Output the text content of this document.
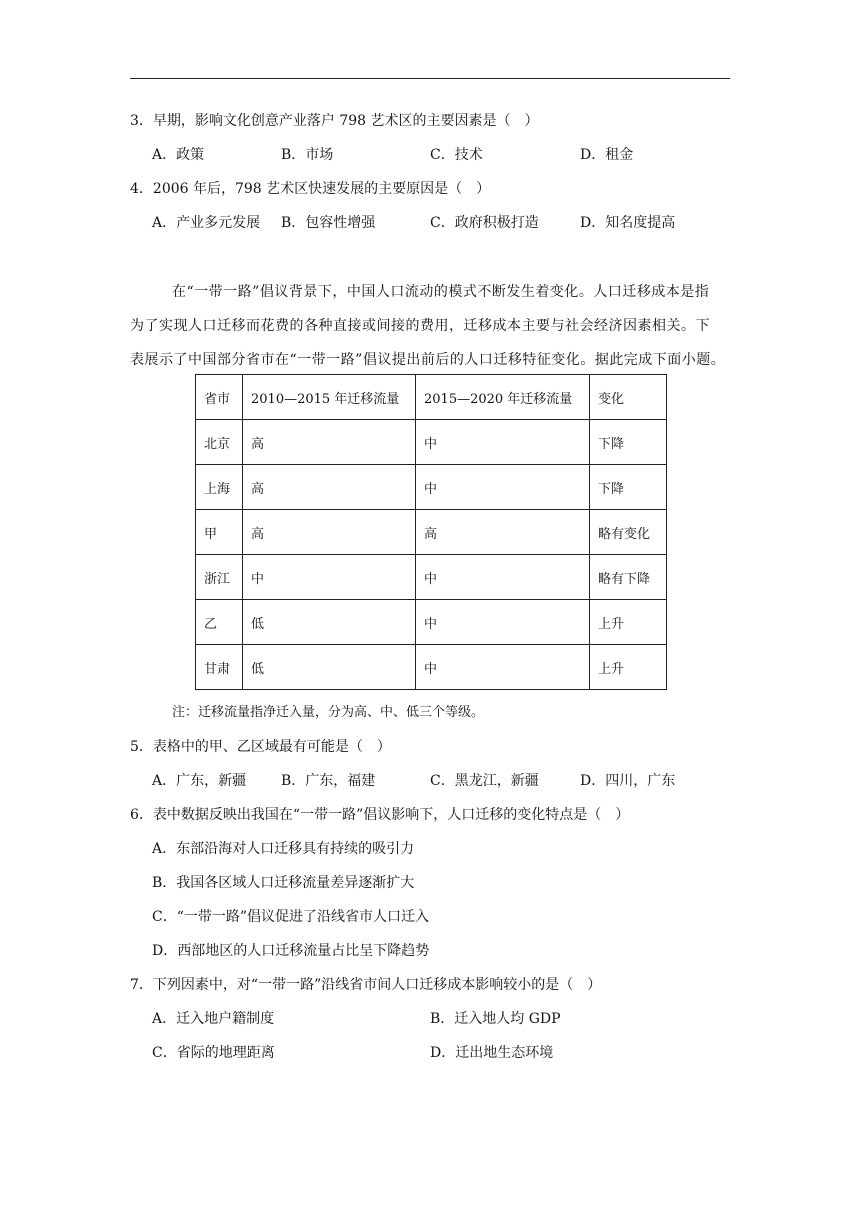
3．早期，影响文化创意产业落户 798 艺术区的主要因素是（　）
A．政策	B．市场	C．技术	D．租金
4．2006 年后，798 艺术区快速发展的主要原因是（　）
A．产业多元发展 B．包容性增强	C．政府积极打造	D．知名度提高
在“一带一路”倡议背景下，中国人口流动的模式不断发生着变化。人口迁移成本是指
为了实现人口迁移而花费的各种直接或间接的费用，迁移成本主要与社会经济因素相关。下
表展示了中国部分省市在“一带一路”倡议提出前后的人口迁移特征变化。据此完成下面小题。
省市	2010—2015 年迁移流量	2015—2020 年迁移流量	变化
北京	高	中	下降
上海	高	中	下降
甲	高	高	略有变化
浙江	中	中	略有下降
乙	低	中	上升
甘肃	低	中	上升
注：迁移流量指净迁入量，分为高、中、低三个等级。
5．表格中的甲、乙区域最有可能是（　）
A．广东，新疆 B．广东，福建	C．黑龙江，新疆	D．四川，广东
6．表中数据反映出我国在“一带一路”倡议影响下，人口迁移的变化特点是（　）
A．东部沿海对人口迁移具有持续的吸引力
B．我国各区域人口迁移流量差异逐渐扩大
C．“一带一路”倡议促进了沿线省市人口迁入
D．西部地区的人口迁移流量占比呈下降趋势
7．下列因素中，对“一带一路”沿线省市间人口迁移成本影响较小的是（　）
A．迁入地户籍制度	B．迁入地人均 GDP
C．省际的地理距离	D．迁出地生态环境
